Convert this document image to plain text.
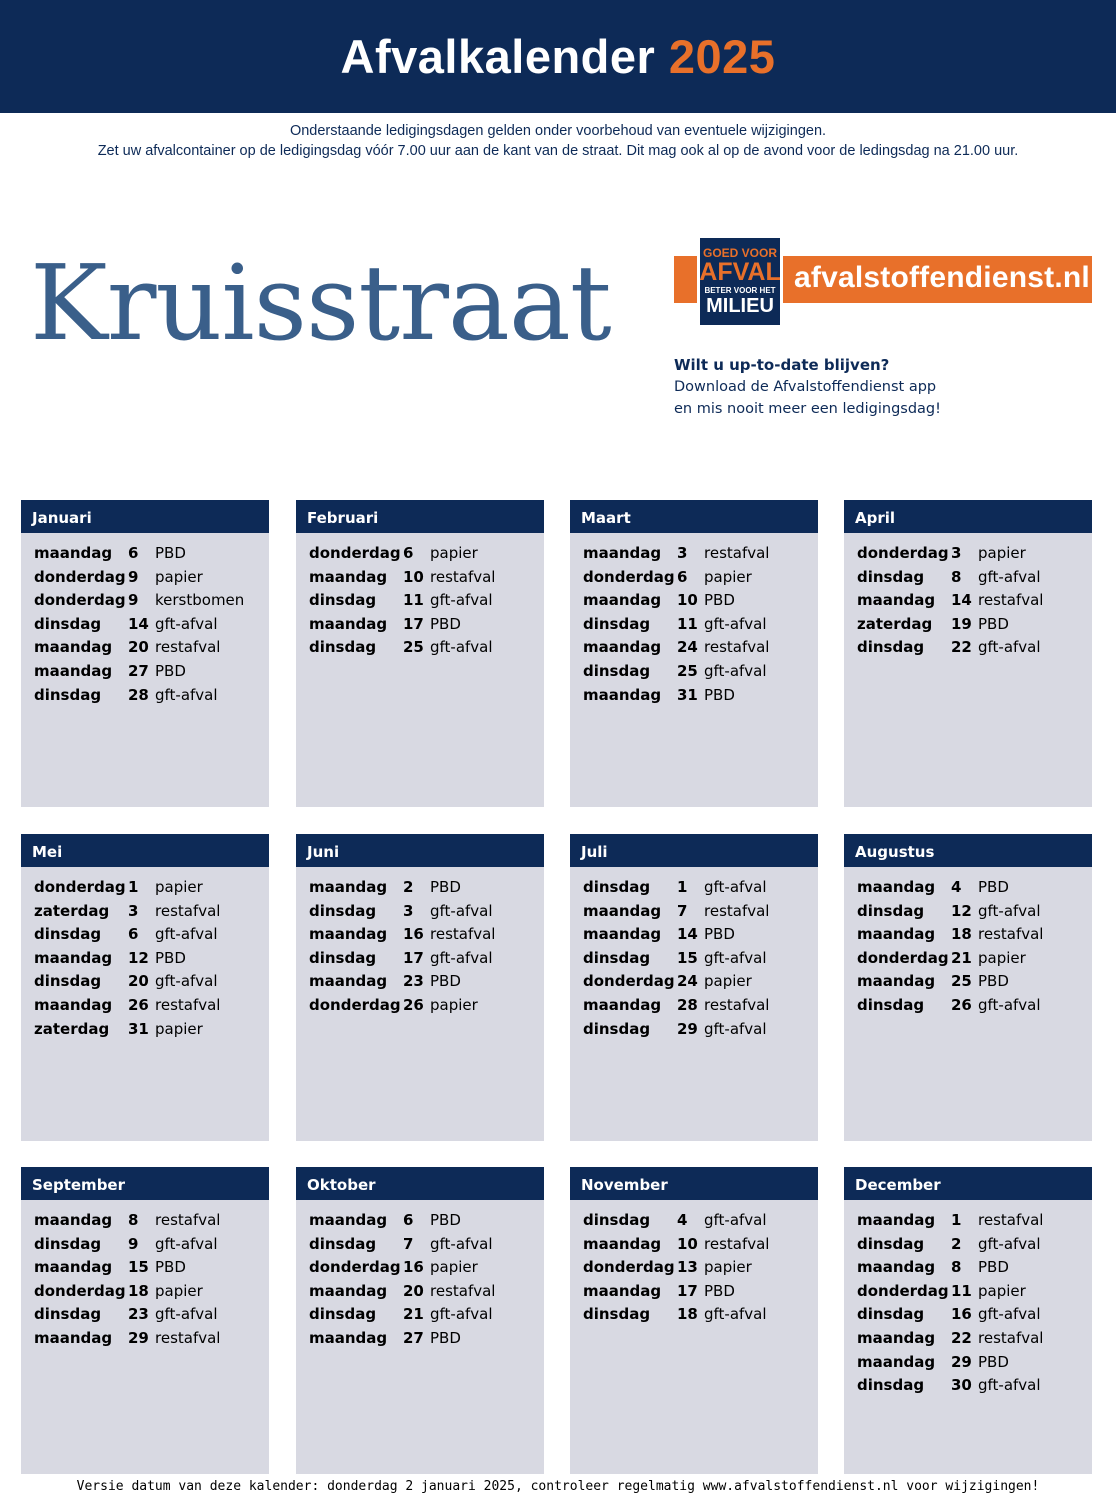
Afvalkalender 2025
Onderstaande ledigingsdagen gelden onder voorbehoud van eventuele wijzigingen.
Zet uw afvalcontainer op de ledigingsdag vóór 7.00 uur aan de kant van de straat. Dit mag ook al op de avond voor de ledingsdag na 21.00 uur.
Kruisstraat	GOED VOOR
AFVAL
BETER VOOR HET
MILIEU
afvalstoffendienst.nl
Wilt u up-to-date blijven?
Download de Afvalstoffendienst app
en mis nooit meer een ledigingsdag!
Januari
maandag	6	PBD
donderdag 9	papier
donderdag 9	kerstbomen
dinsdag	14 gft-afval
maandag	20 restafval
maandag	27 PBD
dinsdag	28 gft-afval
Februari
donderdag 6	papier
maandag	10 restafval
dinsdag	11 gft-afval
maandag	17 PBD
dinsdag	25 gft-afval
Maart
maandag	3	restafval
donderdag 6	papier
maandag	10 PBD
dinsdag	11 gft-afval
maandag	24 restafval
dinsdag	25 gft-afval
maandag	31 PBD
April
donderdag 3	papier
dinsdag	8	gft-afval
maandag	14 restafval
zaterdag	19 PBD
dinsdag	22 gft-afval
Mei
donderdag 1	papier
zaterdag	3	restafval
dinsdag	6	gft-afval
maandag	12 PBD
dinsdag	20 gft-afval
maandag	26 restafval
zaterdag	31 papier
Juni
maandag	2	PBD
dinsdag	3	gft-afval
maandag	16 restafval
dinsdag	17 gft-afval
maandag	23 PBD
donderdag 26 papier
Juli
dinsdag	1	gft-afval
maandag	7	restafval
maandag	14 PBD
dinsdag	15 gft-afval
donderdag 24 papier
maandag	28 restafval
dinsdag	29 gft-afval
Augustus
maandag	4	PBD
dinsdag	12 gft-afval
maandag	18 restafval
donderdag 21 papier
maandag	25 PBD
dinsdag	26 gft-afval
September
maandag	8	restafval
dinsdag	9	gft-afval
maandag	15 PBD
donderdag 18 papier
dinsdag	23 gft-afval
maandag	29 restafval
Oktober
maandag	6	PBD
dinsdag	7	gft-afval
donderdag 16 papier
maandag	20 restafval
dinsdag	21 gft-afval
maandag	27 PBD
November
dinsdag	4	gft-afval
maandag	10 restafval
donderdag 13 papier
maandag	17 PBD
dinsdag	18 gft-afval
December
maandag	1	restafval
dinsdag	2	gft-afval
maandag	8	PBD
donderdag 11 papier
dinsdag	16 gft-afval
maandag	22 restafval
maandag	29 PBD
dinsdag	30 gft-afval
Versie datum van deze kalender: donderdag 2 januari 2025, controleer regelmatig www.afvalstoffendienst.nl voor wijzigingen!
